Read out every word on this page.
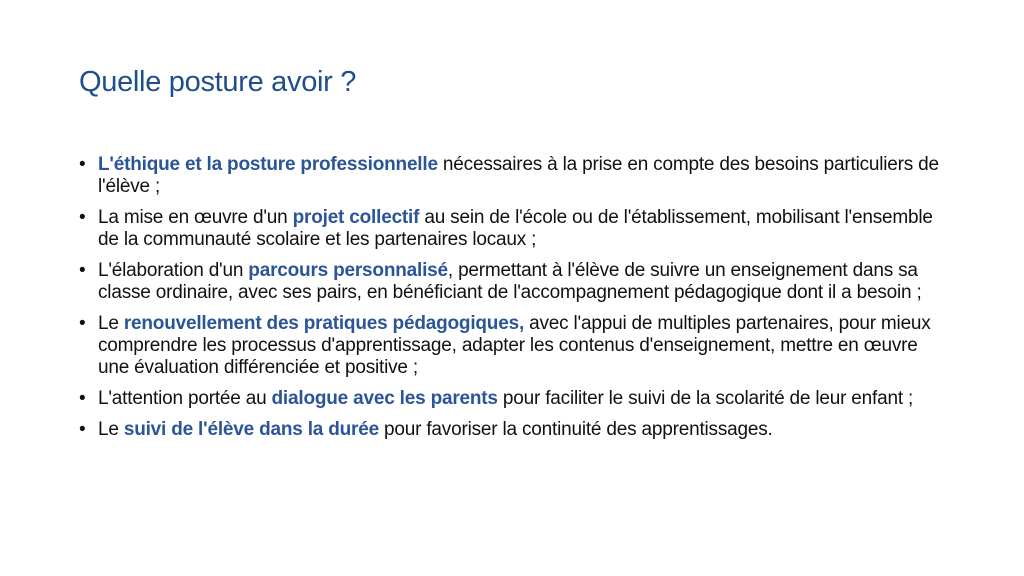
Quelle posture avoir ?
• L'éthique et la posture professionnelle nécessaires à la prise en compte des besoins particuliers de l'élève ;
• La mise en œuvre d'un projet collectif au sein de l'école ou de l'établissement, mobilisant l'ensemble de la communauté scolaire et les partenaires locaux ;
• L'élaboration d'un parcours personnalisé, permettant à l'élève de suivre un enseignement dans sa classe ordinaire, avec ses pairs, en bénéficiant de l'accompagnement pédagogique dont il a besoin ;
• Le renouvellement des pratiques pédagogiques, avec l'appui de multiples partenaires, pour mieux comprendre les processus d'apprentissage, adapter les contenus d'enseignement, mettre en œuvre une évaluation différenciée et positive ;
• L'attention portée au dialogue avec les parents pour faciliter le suivi de la scolarité de leur enfant ;
• Le suivi de l'élève dans la durée pour favoriser la continuité des apprentissages.
